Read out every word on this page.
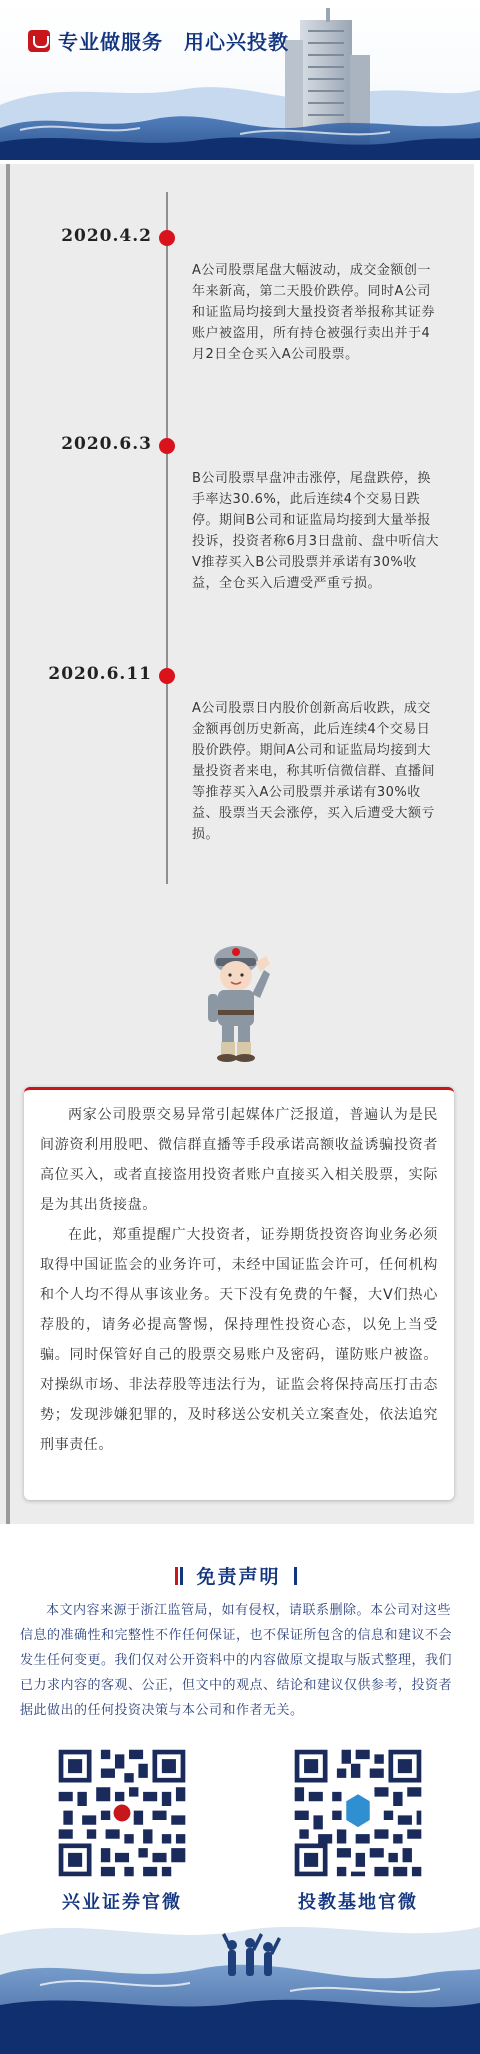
专业做服务　用心兴投教
2020.4.2
A公司股票尾盘大幅波动，成交金额创一年来新高，第二天股价跌停。同时A公司和证监局均接到大量投资者举报称其证券账户被盗用，所有持仓被强行卖出并于4月2日全仓买入A公司股票。
2020.6.3
B公司股票早盘冲击涨停，尾盘跌停，换手率达30.6%，此后连续4个交易日跌停。期间B公司和证监局均接到大量举报投诉，投资者称6月3日盘前、盘中听信大V推荐买入B公司股票并承诺有30%收益，全仓买入后遭受严重亏损。
2020.6.11
A公司股票日内股价创新高后收跌，成交金额再创历史新高，此后连续4个交易日股价跌停。期间A公司和证监局均接到大量投资者来电，称其听信微信群、直播间等推荐买入A公司股票并承诺有30%收益、股票当天会涨停，买入后遭受大额亏损。

两家公司股票交易异常引起媒体广泛报道，普遍认为是民间游资利用股吧、微信群直播等手段承诺高额收益诱骗投资者高位买入，或者直接盗用投资者账户直接买入相关股票，实际是为其出货接盘。

在此，郑重提醒广大投资者，证券期货投资咨询业务必须取得中国证监会的业务许可，未经中国证监会许可，任何机构和个人均不得从事该业务。天下没有免费的午餐，大V们热心荐股的，请务必提高警惕，保持理性投资心态，以免上当受骗。同时保管好自己的股票交易账户及密码，谨防账户被盗。对操纵市场、非法荐股等违法行为，证监会将保持高压打击态势；发现涉嫌犯罪的，及时移送公安机关立案查处，依法追究刑事责任。

免责声明
本文内容来源于浙江监管局，如有侵权，请联系删除。本公司对这些信息的准确性和完整性不作任何保证，也不保证所包含的信息和建议不会发生任何变更。我们仅对公开资料中的内容做原文提取与版式整理，我们已力求内容的客观、公正，但文中的观点、结论和建议仅供参考，投资者据此做出的任何投资决策与本公司和作者无关。
兴业证券官微	投教基地官微
